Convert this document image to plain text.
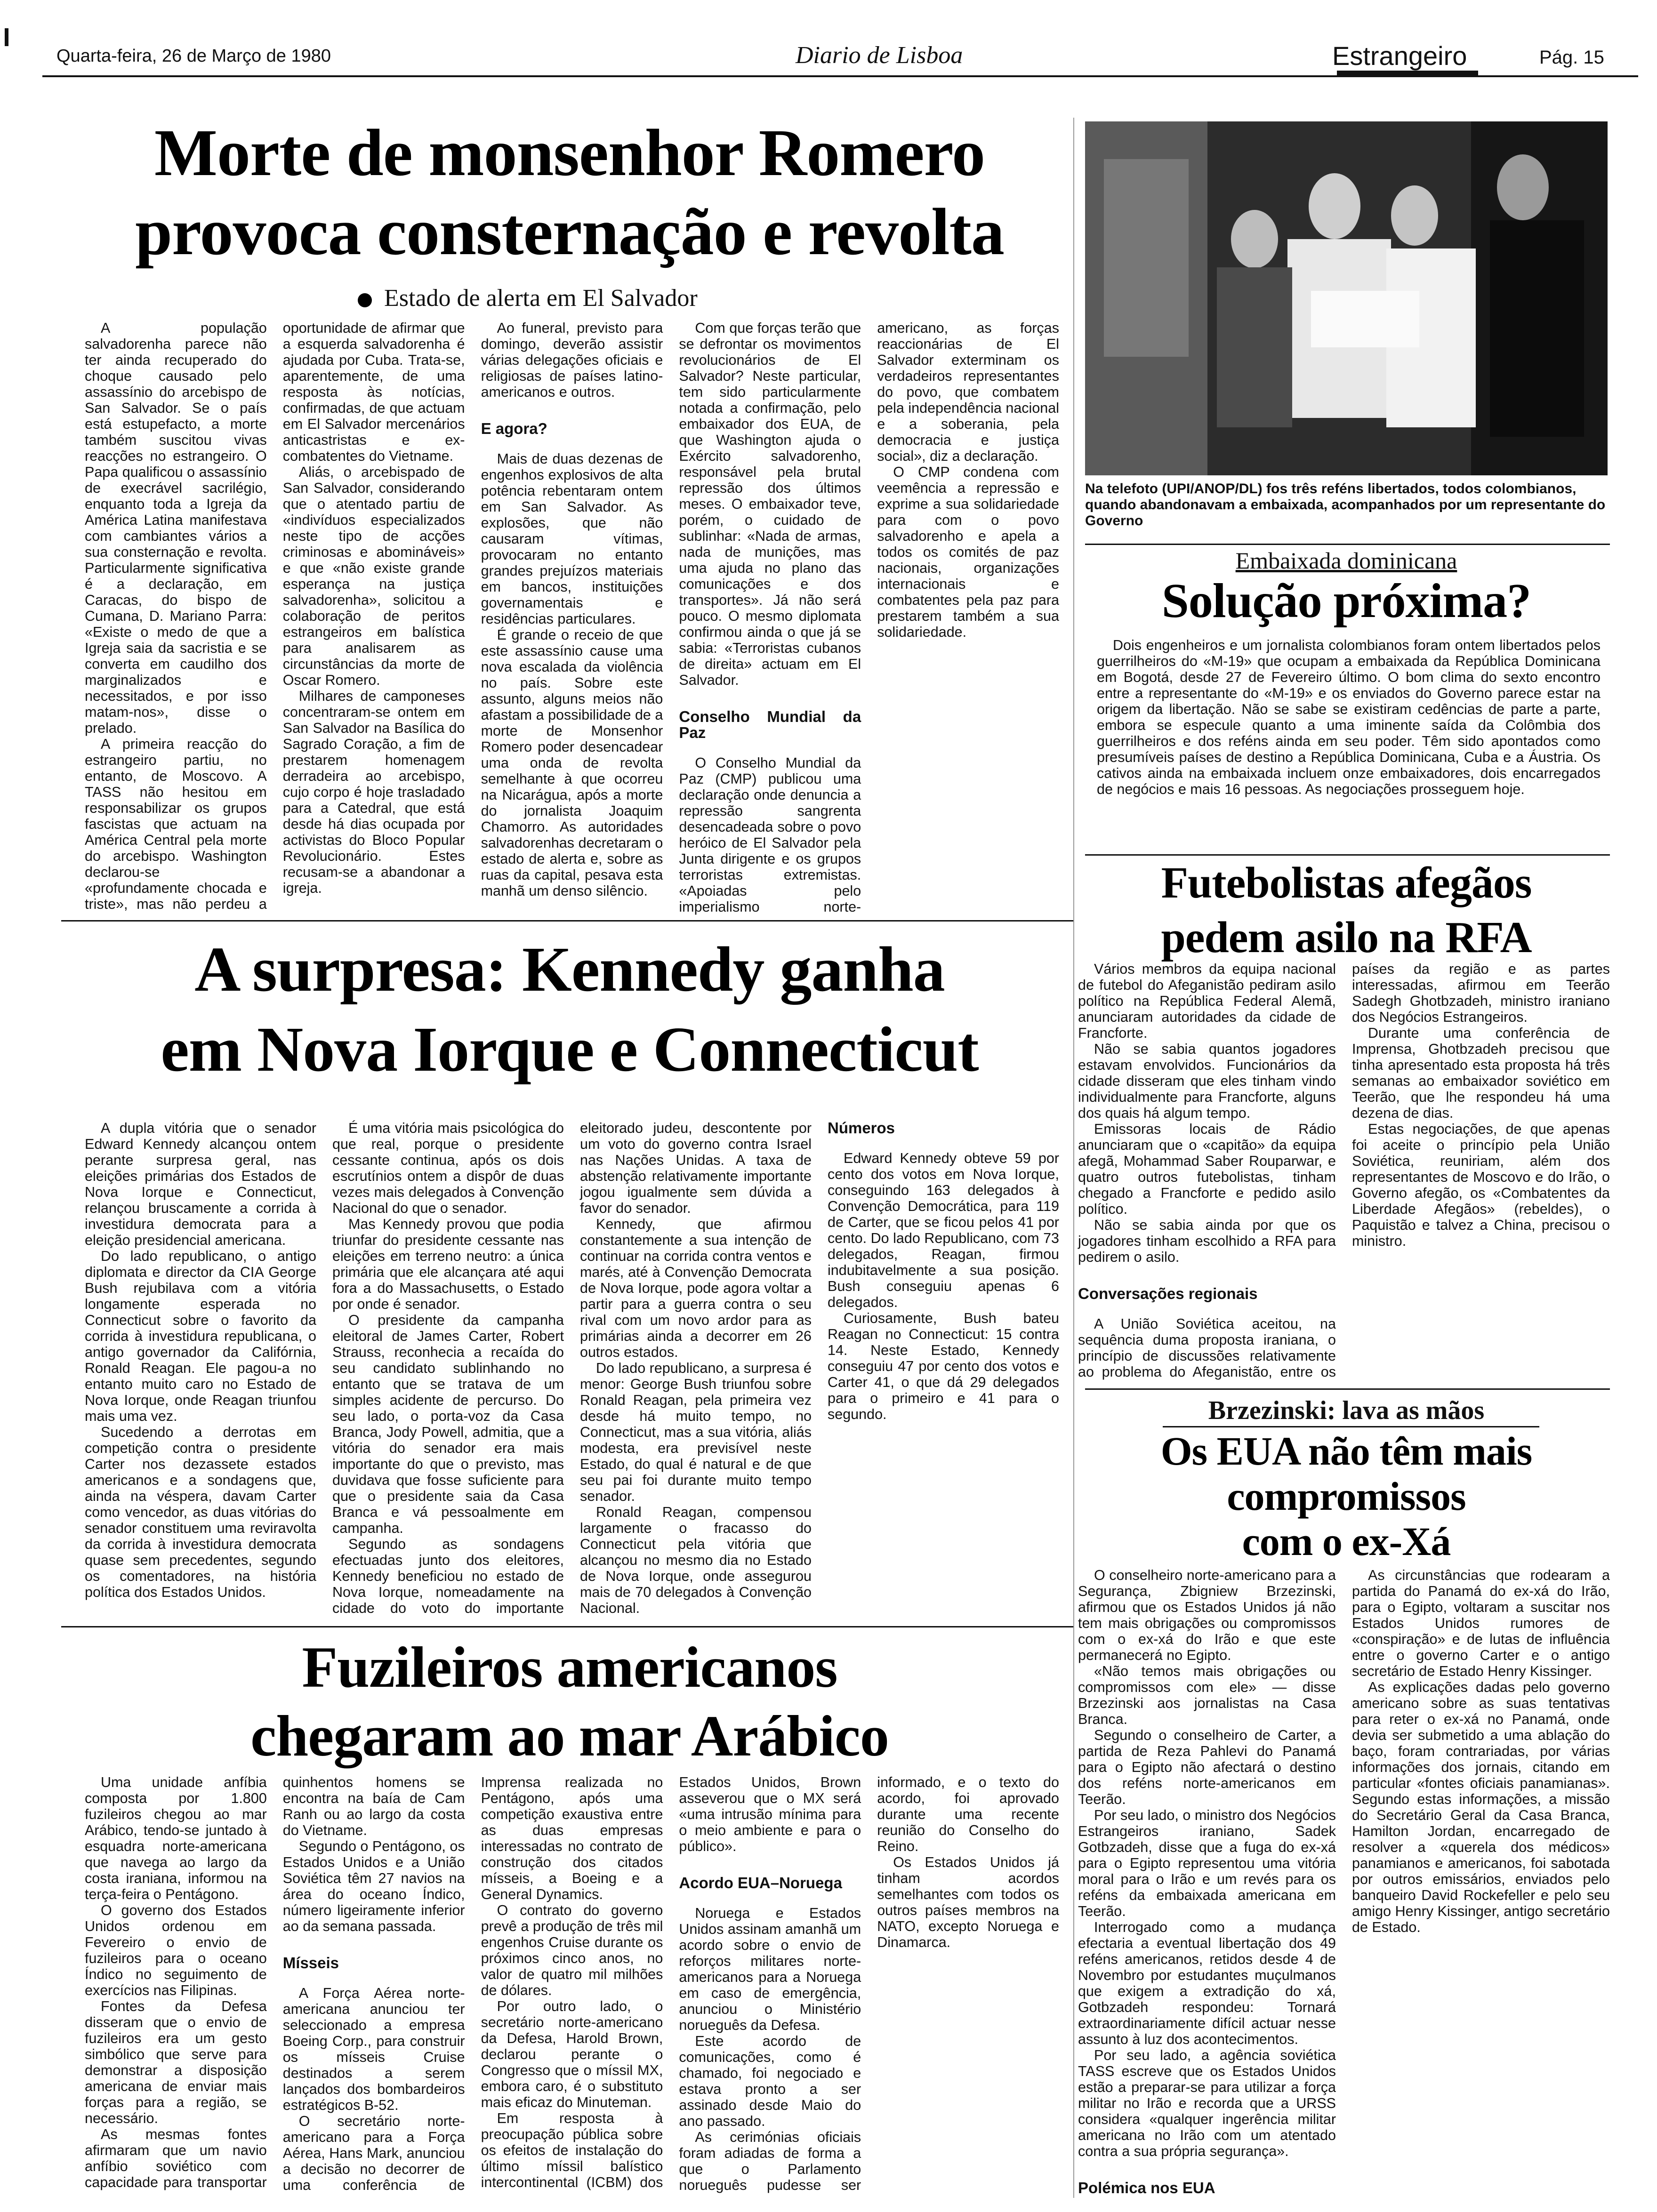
Quarta-feira, 26 de Março de 1980	Diario de Lisboa	Estrangeiro	Pág. 15
Morte de monsenhor Romero
provoca consternação e revolta
Estado de alerta em El Salvador

A população salvadorenha parece não ter ainda recuperado do choque causado pelo assassínio do arcebispo de San Salvador. Se o país está estupefacto, a morte também suscitou vivas reacções no estrangeiro. O Papa qualificou o assassínio de execrável sacrilégio, enquanto toda a Igreja da América Latina manifestava com cambiantes vários a sua consternação e revolta. Particularmente significativa é a declaração, em Caracas, do bispo de Cumana, D. Mariano Parra: «Existe o medo de que a Igreja saia da sacristia e se converta em caudilho dos marginalizados e necessitados, e por isso matam-nos», disse o prelado.

A primeira reacção do estrangeiro partiu, no entanto, de Moscovo. A TASS não hesitou em responsabilizar os grupos fascistas que actuam na América Central pela morte do arcebispo. Washington declarou-se «profundamente chocada e triste», mas não perdeu a oportunidade de afirmar que a esquerda salvadorenha é ajudada por Cuba. Trata-se, aparentemente, de uma resposta às notícias, confirmadas, de que actuam em El Salvador mercenários anticastristas e ex-combatentes do Vietname.

Aliás, o arcebispado de San Salvador, considerando que o atentado partiu de «indivíduos especializados neste tipo de acções criminosas e abomináveis» e que «não existe grande esperança na justiça salvadorenha», solicitou a colaboração de peritos estrangeiros em balística para analisarem as circunstâncias da morte de Oscar Romero.

Milhares de camponeses concentraram-se ontem em San Salvador na Basílica do Sagrado Coração, a fim de prestarem homenagem derradeira ao arcebispo, cujo corpo é hoje trasladado para a Catedral, que está desde há dias ocupada por activistas do Bloco Popular Revolucionário. Estes recusam-se a abandonar a igreja.

Ao funeral, previsto para domingo, deverão assistir várias delegações oficiais e religiosas de países latino-americanos e outros.

E agora?

Mais de duas dezenas de engenhos explosivos de alta potência rebentaram ontem em San Salvador. As explosões, que não causaram vítimas, provocaram no entanto grandes prejuízos materiais em bancos, instituições governamentais e residências particulares.

É grande o receio de que este assassínio cause uma nova escalada da violência no país. Sobre este assunto, alguns meios não afastam a possibilidade de a morte de Monsenhor Romero poder desencadear uma onda de revolta semelhante à que ocorreu na Nicarágua, após a morte do jornalista Joaquim Chamorro. As autoridades salvadorenhas decretaram o estado de alerta e, sobre as ruas da capital, pesava esta manhã um denso silêncio.

Com que forças terão que se defrontar os movimentos revolucionários de El Salvador? Neste particular, tem sido particularmente notada a confirmação, pelo embaixador dos EUA, de que Washington ajuda o Exército salvadorenho, responsável pela brutal repressão dos últimos meses. O embaixador teve, porém, o cuidado de sublinhar: «Nada de armas, nada de munições, mas uma ajuda no plano das comunicações e dos transportes». Já não será pouco. O mesmo diplomata confirmou ainda o que já se sabia: «Terroristas cubanos de direita» actuam em El Salvador.

Conselho Mundial da Paz

O Conselho Mundial da Paz (CMP) publicou uma declaração onde denuncia a repressão sangrenta desencadeada sobre o povo heróico de El Salvador pela Junta dirigente e os grupos terroristas extremistas. «Apoiadas pelo imperialismo norte-americano, as forças reaccionárias de El Salvador exterminam os verdadeiros representantes do povo, que combatem pela independência nacional e a soberania, pela democracia e justiça social», diz a declaração.

O CMP condena com veemência a repressão e exprime a sua solidariedade para com o povo salvadorenho e apela a todos os comités de paz nacionais, organizações internacionais e combatentes pela paz para prestarem também a sua solidariedade.

Na telefoto (UPI/ANOP/DL) fos três reféns libertados, todos colombianos, quando abandonavam a embaixada, acompanhados por um representante do Governo
Embaixada dominicana
Solução próxima?

Dois engenheiros e um jornalista colombianos foram ontem libertados pelos guerrilheiros do «M-19» que ocupam a embaixada da República Dominicana em Bogotá, desde 27 de Fevereiro último. O bom clima do sexto encontro entre a representante do «M-19» e os enviados do Governo parece estar na origem da libertação. Não se sabe se existiram cedências de parte a parte, embora se especule quanto a uma iminente saída da Colômbia dos guerrilheiros e dos reféns ainda em seu poder. Têm sido apontados como presumíveis países de destino a República Dominicana, Cuba e a Áustria. Os cativos ainda na embaixada incluem onze embaixadores, dois encarregados de negócios e mais 16 pessoas. As negociações prosseguem hoje.

Futebolistas afegãos
pedem asilo na RFA

Vários membros da equipa nacional de futebol do Afeganistão pediram asilo político na República Federal Alemã, anunciaram autoridades da cidade de Francforte.

Não se sabia quantos jogadores estavam envolvidos. Funcionários da cidade disseram que eles tinham vindo individualmente para Francforte, alguns dos quais há algum tempo.

Emissoras locais de Rádio anunciaram que o «capitão» da equipa afegã, Mohammad Saber Rouparwar, e quatro outros futebolistas, tinham chegado a Francforte e pedido asilo político.

Não se sabia ainda por que os jogadores tinham escolhido a RFA para pedirem o asilo.

Conversações regionais

A União Soviética aceitou, na sequência duma proposta iraniana, o princípio de discussões relativamente ao problema do Afeganistão, entre os países da região e as partes interessadas, afirmou em Teerão Sadegh Ghotbzadeh, ministro iraniano dos Negócios Estrangeiros.

Durante uma conferência de Imprensa, Ghotbzadeh precisou que tinha apresentado esta proposta há três semanas ao embaixador soviético em Teerão, que lhe respondeu há uma dezena de dias.

Estas negociações, de que apenas foi aceite o princípio pela União Soviética, reuniriam, além dos representantes de Moscovo e do Irão, o Governo afegão, os «Combatentes da Liberdade Afegãos» (rebeldes), o Paquistão e talvez a China, precisou o ministro.

A surpresa: Kennedy ganha
em Nova Iorque e Connecticut

A dupla vitória que o senador Edward Kennedy alcançou ontem perante surpresa geral, nas eleições primárias dos Estados de Nova Iorque e Connecticut, relançou bruscamente a corrida à investidura democrata para a eleição presidencial americana.

Do lado republicano, o antigo diplomata e director da CIA George Bush rejubilava com a vitória longamente esperada no Connecticut sobre o favorito da corrida à investidura republicana, o antigo governador da Califórnia, Ronald Reagan. Ele pagou-a no entanto muito caro no Estado de Nova Iorque, onde Reagan triunfou mais uma vez.

Sucedendo a derrotas em competição contra o presidente Carter nos dezassete estados americanos e a sondagens que, ainda na véspera, davam Carter como vencedor, as duas vitórias do senador constituem uma reviravolta da corrida à investidura democrata quase sem precedentes, segundo os comentadores, na história política dos Estados Unidos.

É uma vitória mais psicológica do que real, porque o presidente cessante continua, após os dois escrutínios ontem a dispôr de duas vezes mais delegados à Convenção Nacional do que o senador.

Mas Kennedy provou que podia triunfar do presidente cessante nas eleições em terreno neutro: a única primária que ele alcançara até aqui fora a do Massachusetts, o Estado por onde é senador.

O presidente da campanha eleitoral de James Carter, Robert Strauss, reconhecia a recaída do seu candidato sublinhando no entanto que se tratava de um simples acidente de percurso. Do seu lado, o porta-voz da Casa Branca, Jody Powell, admitia, que a vitória do senador era mais importante do que o previsto, mas duvidava que fosse suficiente para que o presidente saia da Casa Branca e vá pessoalmente em campanha.

Segundo as sondagens efectuadas junto dos eleitores, Kennedy beneficiou no estado de Nova Iorque, nomeadamente na cidade do voto do importante eleitorado judeu, descontente por um voto do governo contra Israel nas Nações Unidas. A taxa de abstenção relativamente importante jogou igualmente sem dúvida a favor do senador.

Kennedy, que afirmou constantemente a sua intenção de continuar na corrida contra ventos e marés, até à Convenção Democrata de Nova Iorque, pode agora voltar a partir para a guerra contra o seu rival com um novo ardor para as primárias ainda a decorrer em 26 outros estados.

Do lado republicano, a surpresa é menor: George Bush triunfou sobre Ronald Reagan, pela primeira vez desde há muito tempo, no Connecticut, mas a sua vitória, aliás modesta, era previsível neste Estado, do qual é natural e de que seu pai foi durante muito tempo senador.

Ronald Reagan, compensou largamente o fracasso do Connecticut pela vitória que alcançou no mesmo dia no Estado de Nova Iorque, onde assegurou mais de 70 delegados à Convenção Nacional.

Números

Edward Kennedy obteve 59 por cento dos votos em Nova Iorque, conseguindo 163 delegados à Convenção Democrática, para 119 de Carter, que se ficou pelos 41 por cento. Do lado Republicano, com 73 delegados, Reagan, firmou indubitavelmente a sua posição. Bush conseguiu apenas 6 delegados.

Curiosamente, Bush bateu Reagan no Connecticut: 15 contra 14. Neste Estado, Kennedy conseguiu 47 por cento dos votos e Carter 41, o que dá 29 delegados para o primeiro e 41 para o segundo.	Brzezinski: lava as mãos
Os EUA não têm mais
compromissos
com o ex-Xá

O conselheiro norte-americano para a Segurança, Zbigniew Brzezinski, afirmou que os Estados Unidos já não tem mais obrigações ou compromissos com o ex-xá do Irão e que este permanecerá no Egipto.

«Não temos mais obrigações ou compromissos com ele» — disse Brzezinski aos jornalistas na Casa Branca.

Segundo o conselheiro de Carter, a partida de Reza Pahlevi do Panamá para o Egipto não afectará o destino dos reféns norte-americanos em Teerão.

Por seu lado, o ministro dos Negócios Estrangeiros iraniano, Sadek Gotbzadeh, disse que a fuga do ex-xá para o Egipto representou uma vitória moral para o Irão e um revés para os reféns da embaixada americana em Teerão.

Interrogado como a mudança efectaria a eventual libertação dos 49 reféns americanos, retidos desde 4 de Novembro por estudantes muçulmanos que exigem a extradição do xá, Gotbzadeh respondeu: Tornará extraordinariamente difícil actuar nesse assunto à luz dos acontecimentos.

Por seu lado, a agência soviética TASS escreve que os Estados Unidos estão a preparar-se para utilizar a força militar no Irão e recorda que a URSS considera «qualquer ingerência militar americana no Irão com um atentado contra a sua própria segurança».

Polémica nos EUA

As circunstâncias que rodearam a partida do Panamá do ex-xá do Irão, para o Egipto, voltaram a suscitar nos Estados Unidos rumores de «conspiração» e de lutas de influência entre o governo Carter e o antigo secretário de Estado Henry Kissinger.

As explicações dadas pelo governo americano sobre as suas tentativas para reter o ex-xá no Panamá, onde devia ser submetido a uma ablação do baço, foram contrariadas, por várias informações dos jornais, citando em particular «fontes oficiais panamianas». Segundo estas informações, a missão do Secretário Geral da Casa Branca, Hamilton Jordan, encarregado de resolver a «querela dos médicos» panamianos e americanos, foi sabotada por outros emissários, enviados pelo banqueiro David Rockefeller e pelo seu amigo Henry Kissinger, antigo secretário de Estado.

Fuzileiros americanos
chegaram ao mar Arábico

Uma unidade anfíbia composta por 1.800 fuzileiros chegou ao mar Arábico, tendo-se juntado à esquadra norte-americana que navega ao largo da costa iraniana, informou na terça-feira o Pentágono.

O governo dos Estados Unidos ordenou em Fevereiro o envio de fuzileiros para o oceano Índico no seguimento de exercícios nas Filipinas.

Fontes da Defesa disseram que o envio de fuzileiros era um gesto simbólico que serve para demonstrar a disposição americana de enviar mais forças para a região, se necessário.

As mesmas fontes afirmaram que um navio anfíbio soviético com capacidade para transportar quinhentos homens se encontra na baía de Cam Ranh ou ao largo da costa do Vietname.

Segundo o Pentágono, os Estados Unidos e a União Soviética têm 27 navios na área do oceano Índico, número ligeiramente inferior ao da semana passada.

Mísseis

A Força Aérea norte-americana anunciou ter seleccionado a empresa Boeing Corp., para construir os mísseis Cruise destinados a serem lançados dos bombardeiros estratégicos B-52.

O secretário norte-americano para a Força Aérea, Hans Mark, anunciou a decisão no decorrer de uma conferência de Imprensa realizada no Pentágono, após uma competição exaustiva entre as duas empresas interessadas no contrato de construção dos citados mísseis, a Boeing e a General Dynamics.

O contrato do governo prevê a produção de três mil engenhos Cruise durante os próximos cinco anos, no valor de quatro mil milhões de dólares.

Por outro lado, o secretário norte-americano da Defesa, Harold Brown, declarou perante o Congresso que o míssil MX, embora caro, é o substituto mais eficaz do Minuteman.

Em resposta à preocupação pública sobre os efeitos de instalação do último míssil balístico intercontinental (ICBM) dos Estados Unidos, Brown asseverou que o MX será «uma intrusão mínima para o meio ambiente e para o público».

Acordo EUA–Noruega

Noruega e Estados Unidos assinam amanhã um acordo sobre o envio de reforços militares norte-americanos para a Noruega em caso de emergência, anunciou o Ministério norueguês da Defesa.

Este acordo de comunicações, como é chamado, foi negociado e estava pronto a ser assinado desde Maio do ano passado.

As cerimónias oficiais foram adiadas de forma a que o Parlamento norueguês pudesse ser informado, e o texto do acordo, foi aprovado durante uma recente reunião do Conselho do Reino.

Os Estados Unidos já tinham acordos semelhantes com todos os outros países membros na NATO, excepto Noruega e Dinamarca.
